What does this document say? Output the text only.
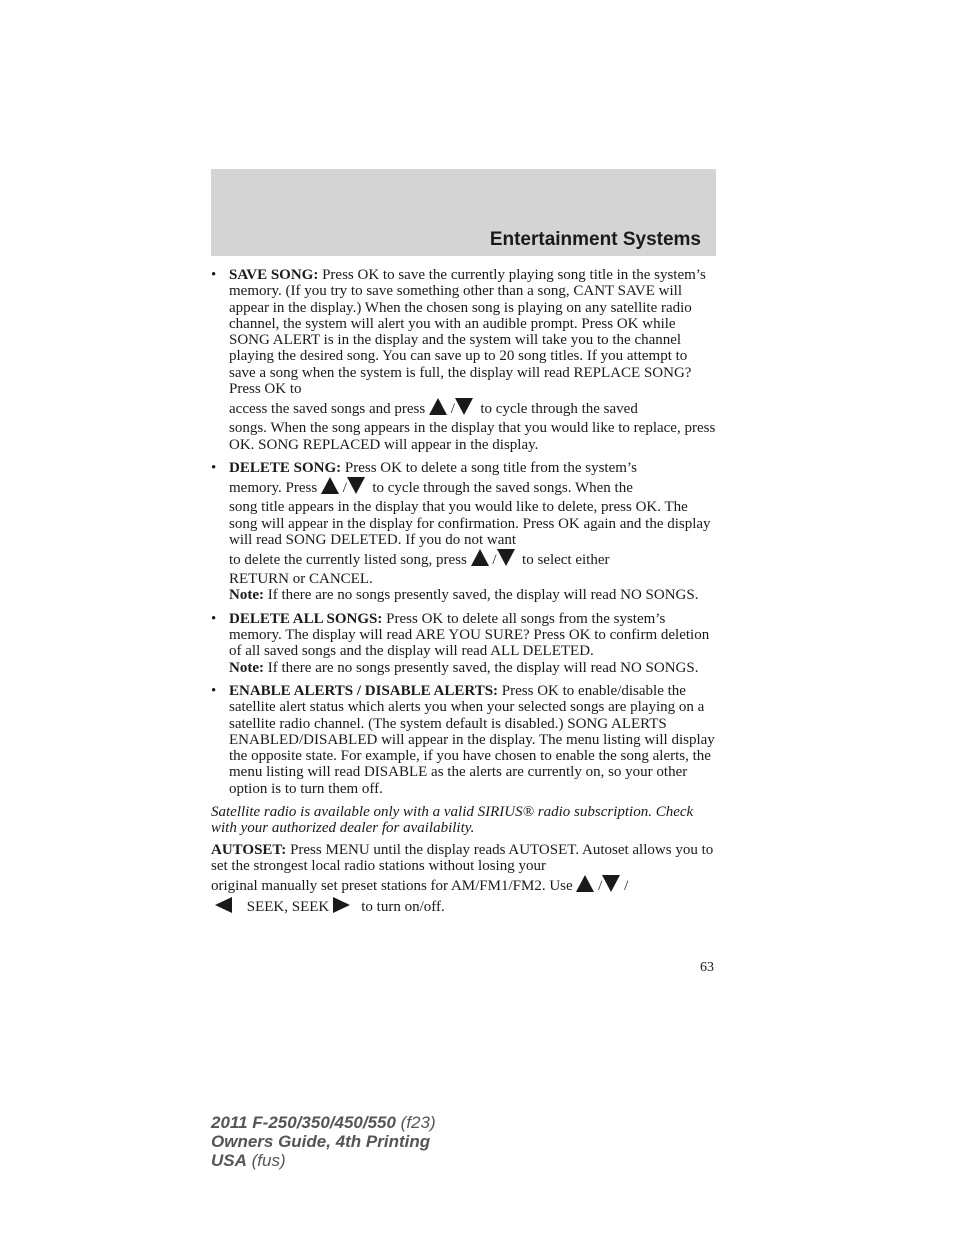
Entertainment Systems
• SAVE SONG: Press OK to save the currently playing song title in the system’s memory. (If you try to save something other than a song, CANT SAVE will appear in the display.) When the chosen song is playing on any satellite radio channel, the system will alert you with an audible prompt. Press OK while SONG ALERT is in the display and the system will take you to the channel playing the desired song. You can save up to 20 song titles. If you attempt to save a song when the system is full, the display will read REPLACE SONG? Press OK to
access the saved songs and press / to cycle through the saved
songs. When the song appears in the display that you would like to replace, press OK. SONG REPLACED will appear in the display.
• DELETE SONG: Press OK to delete a song title from the system’s
memory. Press / to cycle through the saved songs. When the
song title appears in the display that you would like to delete, press OK. The song will appear in the display for confirmation. Press OK again and the display will read SONG DELETED. If you do not want
to delete the currently listed song, press / to select either
RETURN or CANCEL.
Note: If there are no songs presently saved, the display will read NO SONGS.
• DELETE ALL SONGS: Press OK to delete all songs from the system’s memory. The display will read ARE YOU SURE? Press OK to confirm deletion of all saved songs and the display will read ALL DELETED.
Note: If there are no songs presently saved, the display will read NO SONGS.
• ENABLE ALERTS / DISABLE ALERTS: Press OK to enable/disable the satellite alert status which alerts you when your selected songs are playing on a satellite radio channel. (The system default is disabled.) SONG ALERTS ENABLED/DISABLED will appear in the display. The menu listing will display the opposite state. For example, if you have chosen to enable the song alerts, the menu listing will read DISABLE as the alerts are currently on, so your other option is to turn them off.

Satellite radio is available only with a valid SIRIUS® radio subscription. Check with your authorized dealer for availability.

AUTOSET: Press MENU until the display reads AUTOSET. Autoset allows you to set the strongest local radio stations without losing your
original manually set preset stations for AM/FM1/FM2. Use / /
SEEK, SEEK to turn on/off.

63
2011 F-250/350/450/550 (f23)
Owners Guide, 4th Printing
USA (fus)
